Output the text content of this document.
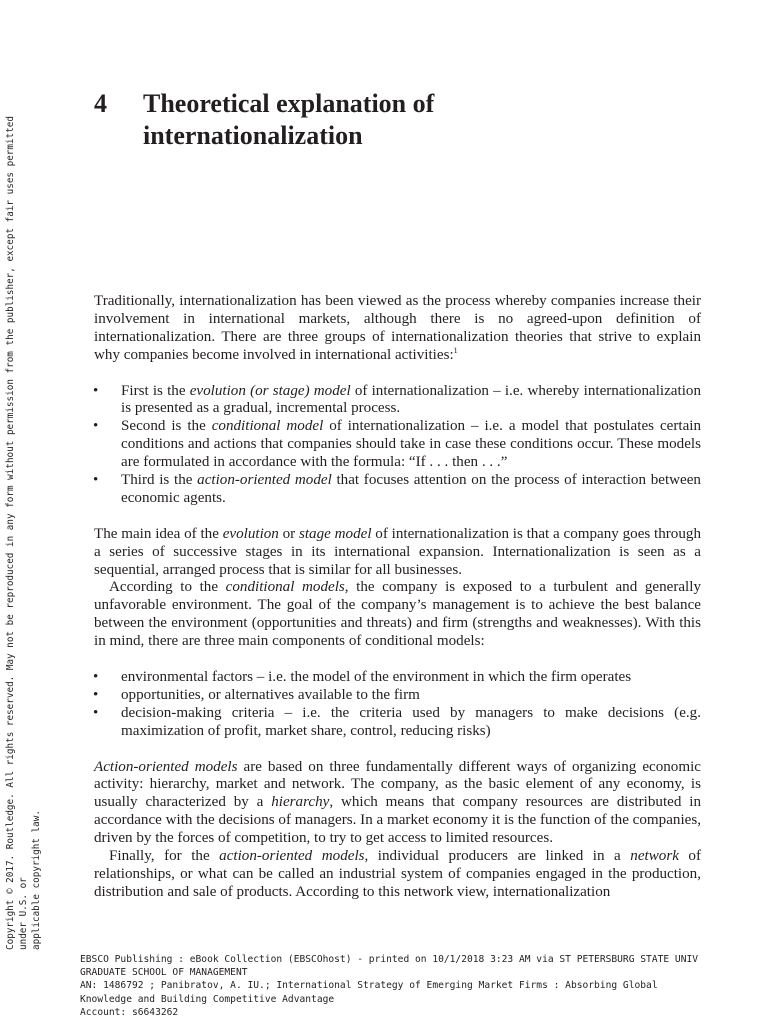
Copyright © 2017. Routledge. All rights reserved. May not be reproduced in any form without permission from the publisher, except fair uses permitted under U.S. or applicable copyright law.
4 Theoretical explanation of internationalization

Traditionally, internationalization has been viewed as the process whereby companies increase their involvement in international markets, although there is no agreed-upon definition of internationalization. There are three groups of internationalization theories that strive to explain why companies become involved in international activities:$^1$

• First is the evolution (or stage) model of internationalization – i.e. whereby internationalization is presented as a gradual, incremental process.

• Second is the conditional model of internationalization – i.e. a model that postulates certain conditions and actions that companies should take in case these conditions occur. These models are formulated in accordance with the formula: “If . . . then . . .”

• Third is the action-oriented model that focuses attention on the process of interaction between economic agents.

The main idea of the evolution or stage model of internationalization is that a company goes through a series of successive stages in its international expansion. Internationalization is seen as a sequential, arranged process that is similar for all businesses.

According to the conditional models, the company is exposed to a turbulent and generally unfavorable environment. The goal of the company’s management is to achieve the best balance between the environment (opportunities and threats) and firm (strengths and weaknesses). With this in mind, there are three main components of conditional models:

• environmental factors – i.e. the model of the environment in which the firm operates

• opportunities, or alternatives available to the firm

• decision-making criteria – i.e. the criteria used by managers to make decisions (e.g. maximization of profit, market share, control, reducing risks)

Action-oriented models are based on three fundamentally different ways of organizing economic activity: hierarchy, market and network. The company, as the basic element of any economy, is usually characterized by a hierarchy, which means that company resources are distributed in accordance with the decisions of managers. In a market economy it is the function of the companies, driven by the forces of competition, to try to get access to limited resources.

Finally, for the action-oriented models, individual producers are linked in a network of relationships, or what can be called an industrial system of companies engaged in the production, distribution and sale of products. According to this network view, internationalization

EBSCO Publishing : eBook Collection (EBSCOhost) - printed on 10/1/2018 3:23 AM via ST PETERSBURG STATE UNIV
GRADUATE SCHOOL OF MANAGEMENT
AN: 1486792 ; Panibratov, A. IU.; International Strategy of Emerging Market Firms : Absorbing Global
Knowledge and Building Competitive Advantage
Account: s6643262
